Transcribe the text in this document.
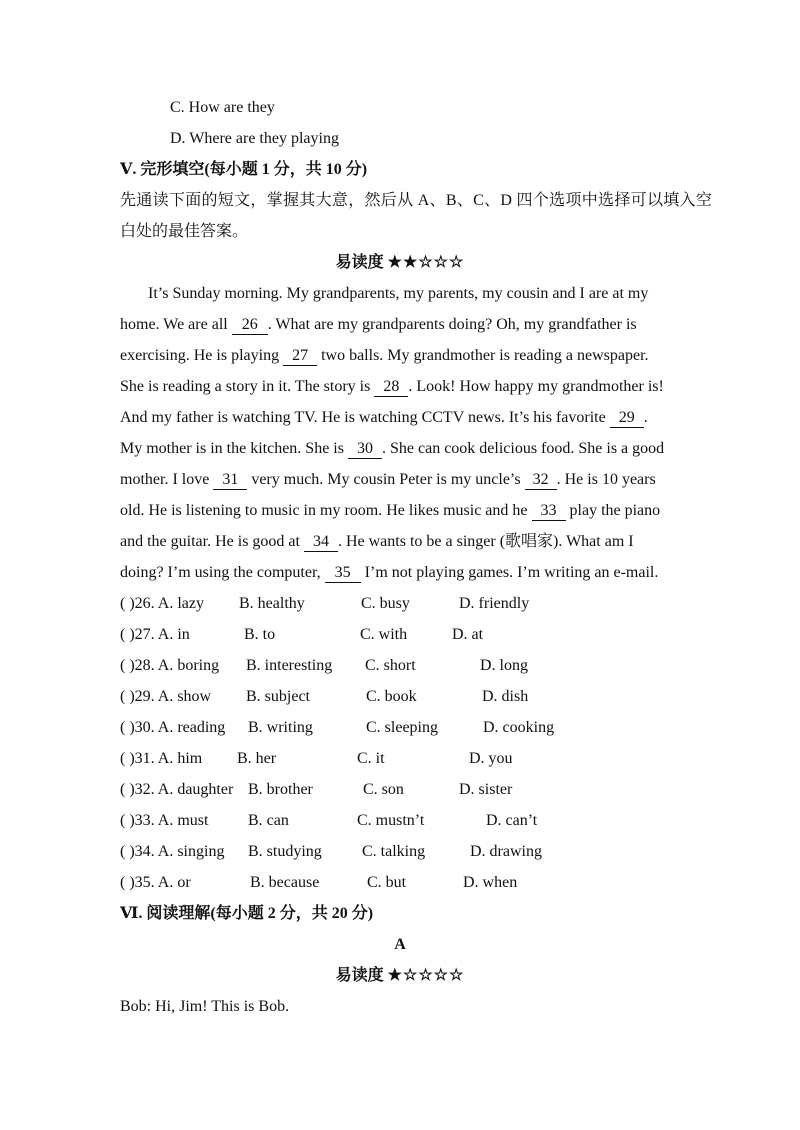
C. How are they
D. Where are they playing
Ⅴ. 完形填空(每小题 1 分，共 10 分)
先通读下面的短文，掌握其大意，然后从 A、B、C、D 四个选项中选择可以填入空
白处的最佳答案。
易读度 ★★☆☆☆
It’s Sunday morning. My grandparents, my parents, my cousin and I are at my
home. We are all 26 . What are my grandparents doing? Oh, my grandfather is
exercising. He is playing 27 two balls. My grandmother is reading a newspaper.
She is reading a story in it. The story is 28 . Look! How happy my grandmother is!
And my father is watching TV. He is watching CCTV news. It’s his favorite 29 .
My mother is in the kitchen. She is 30 . She can cook delicious food. She is a good
mother. I love 31 very much. My cousin Peter is my uncle’s 32 . He is 10 years
old. He is listening to music in my room. He likes music and he 33 play the piano
and the guitar. He is good at 34 . He wants to be a singer (歌唱家). What am I
doing? I’m using the computer, 35 I’m not playing games. I’m writing an e-mail.
( )26. A. lazy B. healthy	C. busy	D. friendly
( )27. A. in	B. to	C. with	D. at
( )28. A. boring B. interesting C. short	D. long
( )29. A. show B. subject	C. book	D. dish
( )30. A. reading B. writing	C. sleeping	D. cooking
( )31. A. him B. her	C. it	D. you
( )32. A. daughter B. brother	C. son	D. sister
( )33. A. must B. can	C. mustn’t	D. can’t
( )34. A. singing B. studying	C. talking	D. drawing
( )35. A. or	B. because	C. but	D. when
Ⅵ. 阅读理解(每小题 2 分，共 20 分)
A
易读度 ★☆☆☆☆
Bob: Hi, Jim! This is Bob.
